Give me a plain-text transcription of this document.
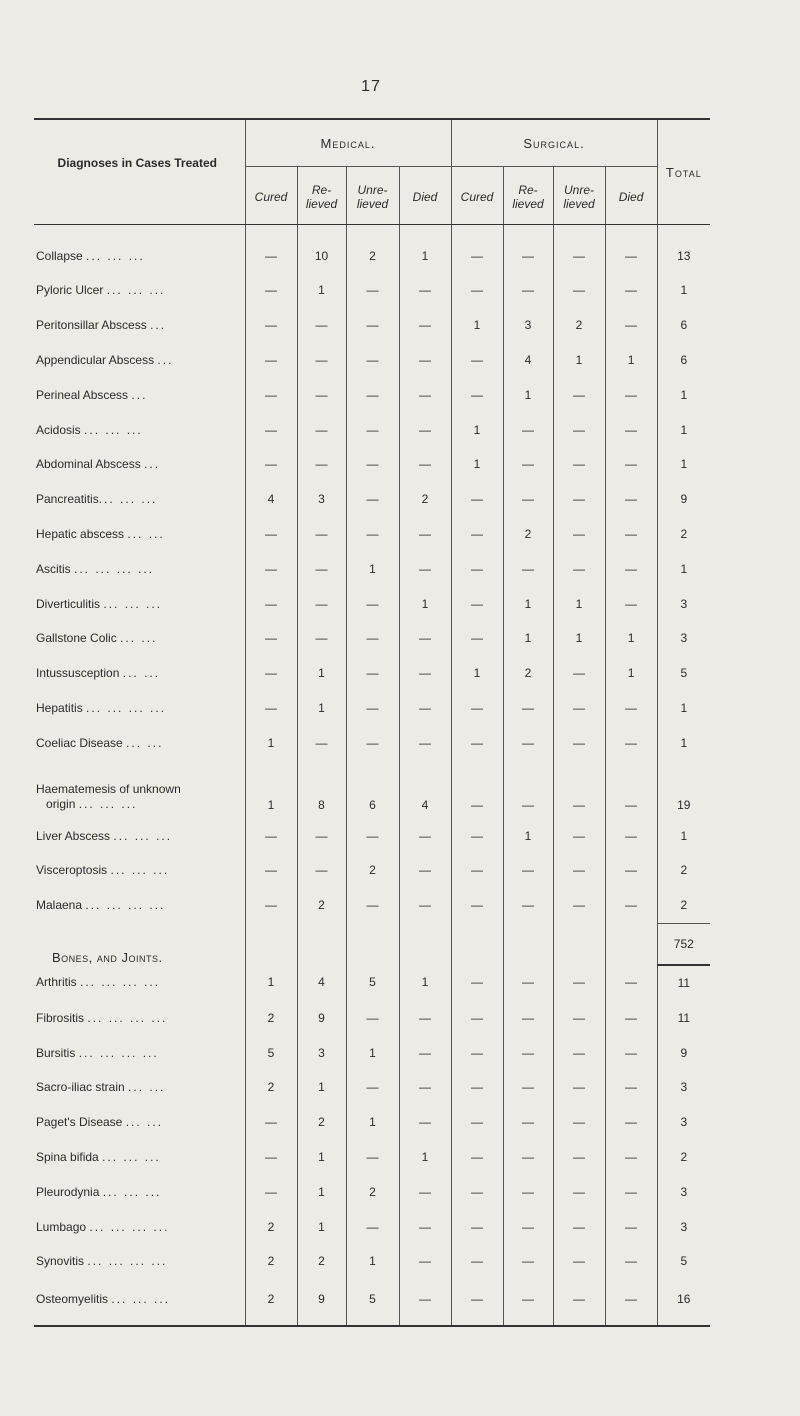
17
Diagnoses in Cases Treated	Medical.				Surgical.				Total
	Cured	Re- lieved	Unre- lieved	Died	Cured	Re- lieved	Unre- lieved	Died	
Collapse ... ... ...	—	10	2	1	—	—	—	—	13
Pyloric Ulcer ... ... ...	—	1	—	—	—	—	—	—	1
Peritonsillar Abscess ...	—	—	—	—	1	3	2	—	6
Appendicular Abscess ...	—	—	—	—	—	4	1	1	6
Perineal Abscess ...	—	—	—	—	—	1	—	—	1
Acidosis ... ... ...	—	—	—	—	1	—	—	—	1
Abdominal Abscess ...	—	—	—	—	1	—	—	—	1
Pancreatitis... ... ...	4	3	—	2	—	—	—	—	9
Hepatic abscess ... ...	—	—	—	—	—	2	—	—	2
Ascitis ... ... ... ...	—	—	1	—	—	—	—	—	1
Diverticulitis ... ... ...	—	—	—	1	—	1	1	—	3
Gallstone Colic ... ...	—	—	—	—	—	1	1	1	3
Intussusception ... ...	—	1	—	—	1	2	—	1	5
Hepatitis ... ... ... ...	—	1	—	—	—	—	—	—	1
Coeliac Disease ... ...	1	—	—	—	—	—	—	—	1
Haematemesis of unknown
origin ... ... ...	1	8	6	4	—	—	—	—	19
Liver Abscess ... ... ...	—	—	—	—	—	1	—	—	1
Visceroptosis ... ... ...	—	—	2	—	—	—	—	—	2
Malaena ... ... ... ...	—	2	—	—	—	—	—	—	2
Bones, and Joints.									752
Arthritis ... ... ... ...	1	4	5	1	—	—	—	—	11
Fibrositis ... ... ... ...	2	9	—	—	—	—	—	—	11
Bursitis ... ... ... ...	5	3	1	—	—	—	—	—	9
Sacro-iliac strain ... ...	2	1	—	—	—	—	—	—	3
Paget's Disease ... ...	—	2	1	—	—	—	—	—	3
Spina bifida ... ... ...	—	1	—	1	—	—	—	—	2
Pleurodynia ... ... ...	—	1	2	—	—	—	—	—	3
Lumbago ... ... ... ...	2	1	—	—	—	—	—	—	3
Synovitis ... ... ... ...	2	2	1	—	—	—	—	—	5
Osteomyelitis ... ... ...	2	9	5	—	—	—	—	—	16
